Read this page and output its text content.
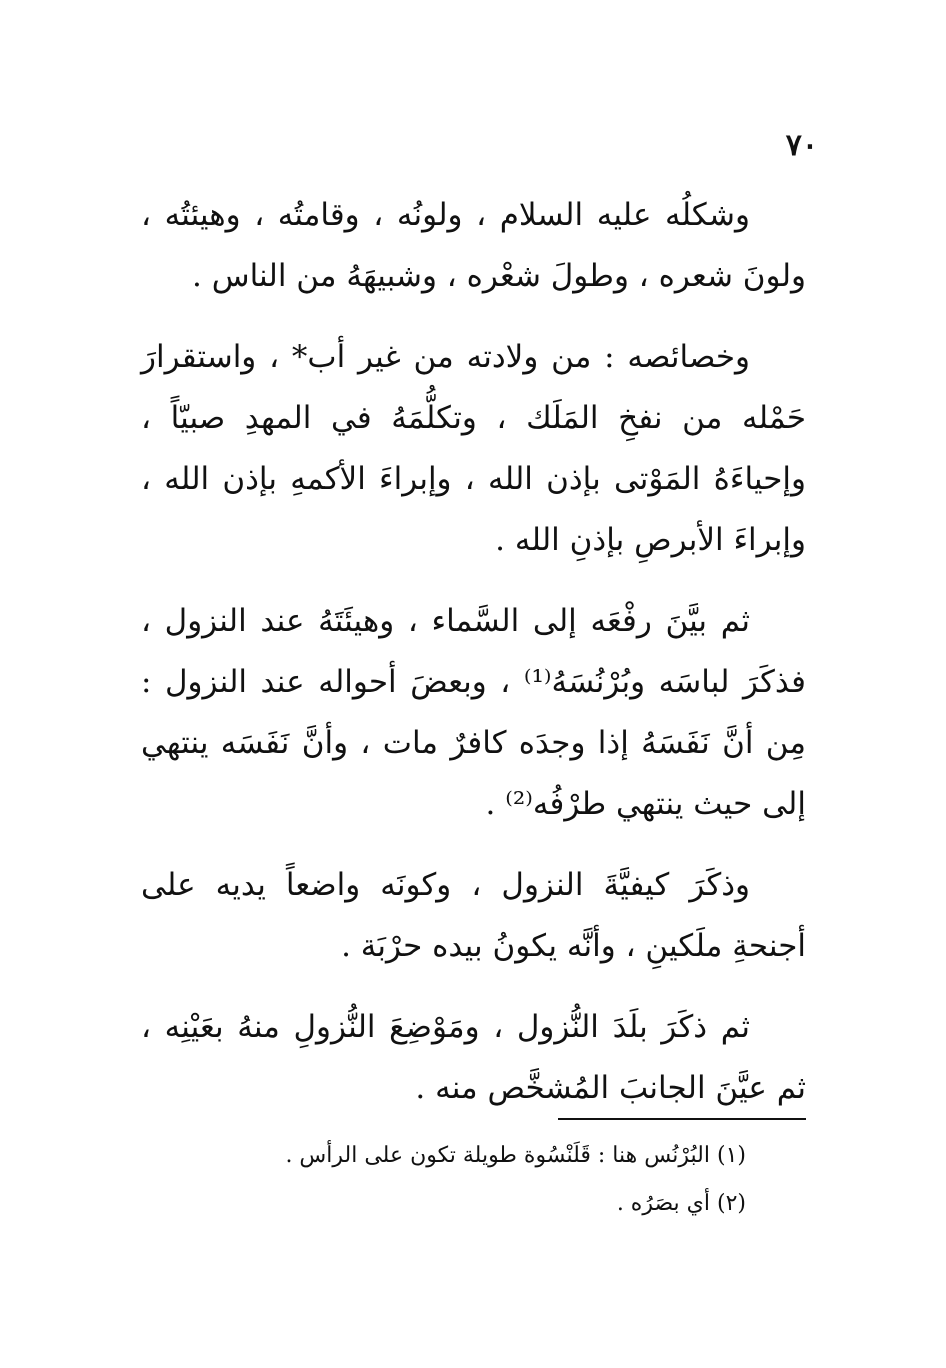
٧٠

وشكلُه عليه السلام ، ولونُه ، وقامتُه ، وهيئتُه ، ولونَ شعره ، وطولَ شعْره ، وشبيهَهُ من الناس .

وخصائصه : من ولادته من غير أب* ، واستقرارَ حَمْله من نفخِ المَلَك ، وتكلُّمَهُ في المهدِ صبيّاً ، وإحياءَهُ المَوْتى بإذن الله ، وإبراءَ الأكمهِ بإذن الله ، وإبراءَ الأبرصِ بإذنِ الله .

ثم بيَّنَ رفْعَه إلى السَّماء ، وهيئَتَهُ عند النزول ، فذكَرَ لباسَه وبُرْنُسَهُ⁽¹⁾ ، وبعضَ أحواله عند النزول : مِن أنَّ نَفَسَهُ إذا وجدَه كافرٌ مات ، وأنَّ نَفَسَه ينتهي إلى حيث ينتهي طرْفُه⁽²⁾ .

وذكَرَ كيفيَّةَ النزول ، وكونَه واضعاً يديه على أجنحةِ ملَكينِ ، وأنَّه يكونُ بيده حرْبَة .

ثم ذكَرَ بلَدَ النُّزول ، ومَوْضِعَ النُّزولِ منهُ بعَيْنِه ، ثم عيَّنَ الجانبَ المُشخَّص منه .

(١) البُرْنُس هنا : قَلَنْسُوة طويلة تكون على الرأس .

(٢) أي بصَرُه .
